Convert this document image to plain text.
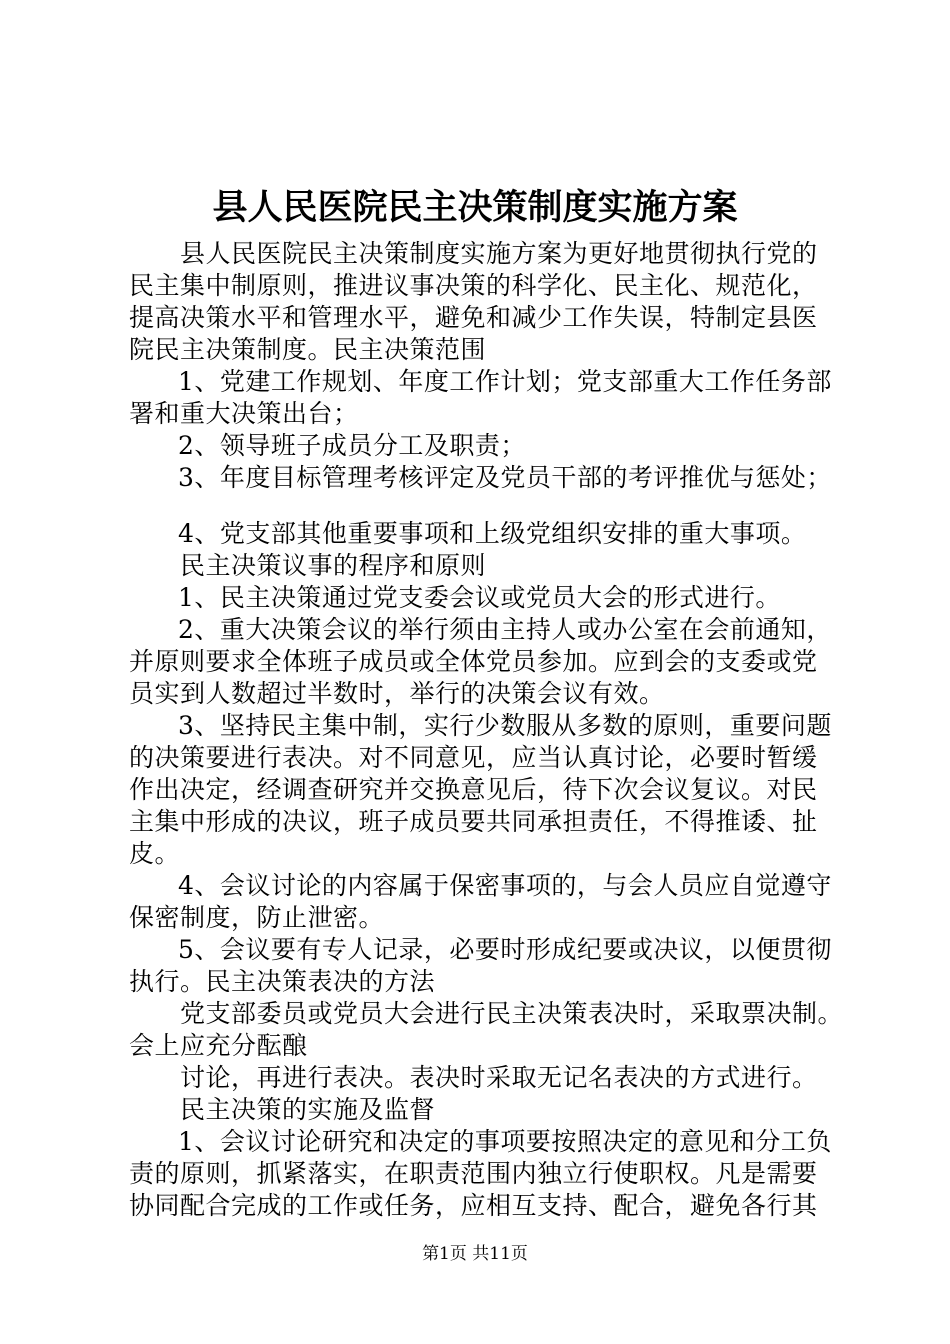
县人民医院民主决策制度实施方案
县人民医院民主决策制度实施方案为更好地贯彻执行党的
民主集中制原则，推进议事决策的科学化、民主化、规范化，
提高决策水平和管理水平，避免和减少工作失误，特制定县医
院民主决策制度。民主决策范围
1、党建工作规划、年度工作计划；党支部重大工作任务部
署和重大决策出台；
2、领导班子成员分工及职责；
3、年度目标管理考核评定及党员干部的考评推优与惩处；
4、党支部其他重要事项和上级党组织安排的重大事项。
民主决策议事的程序和原则
1、民主决策通过党支委会议或党员大会的形式进行。
2、重大决策会议的举行须由主持人或办公室在会前通知，
并原则要求全体班子成员或全体党员参加。应到会的支委或党
员实到人数超过半数时，举行的决策会议有效。
3、坚持民主集中制，实行少数服从多数的原则，重要问题
的决策要进行表决。对不同意见，应当认真讨论，必要时暂缓
作出决定，经调查研究并交换意见后，待下次会议复议。对民
主集中形成的决议，班子成员要共同承担责任，不得推诿、扯
皮。
4、会议讨论的内容属于保密事项的，与会人员应自觉遵守
保密制度，防止泄密。
5、会议要有专人记录，必要时形成纪要或决议，以便贯彻
执行。民主决策表决的方法
党支部委员或党员大会进行民主决策表决时，采取票决制。
会上应充分酝酿
讨论，再进行表决。表决时采取无记名表决的方式进行。
民主决策的实施及监督
1、会议讨论研究和决定的事项要按照决定的意见和分工负
责的原则，抓紧落实，在职责范围内独立行使职权。凡是需要
协同配合完成的工作或任务，应相互支持、配合，避免各行其
第1页 共11页
